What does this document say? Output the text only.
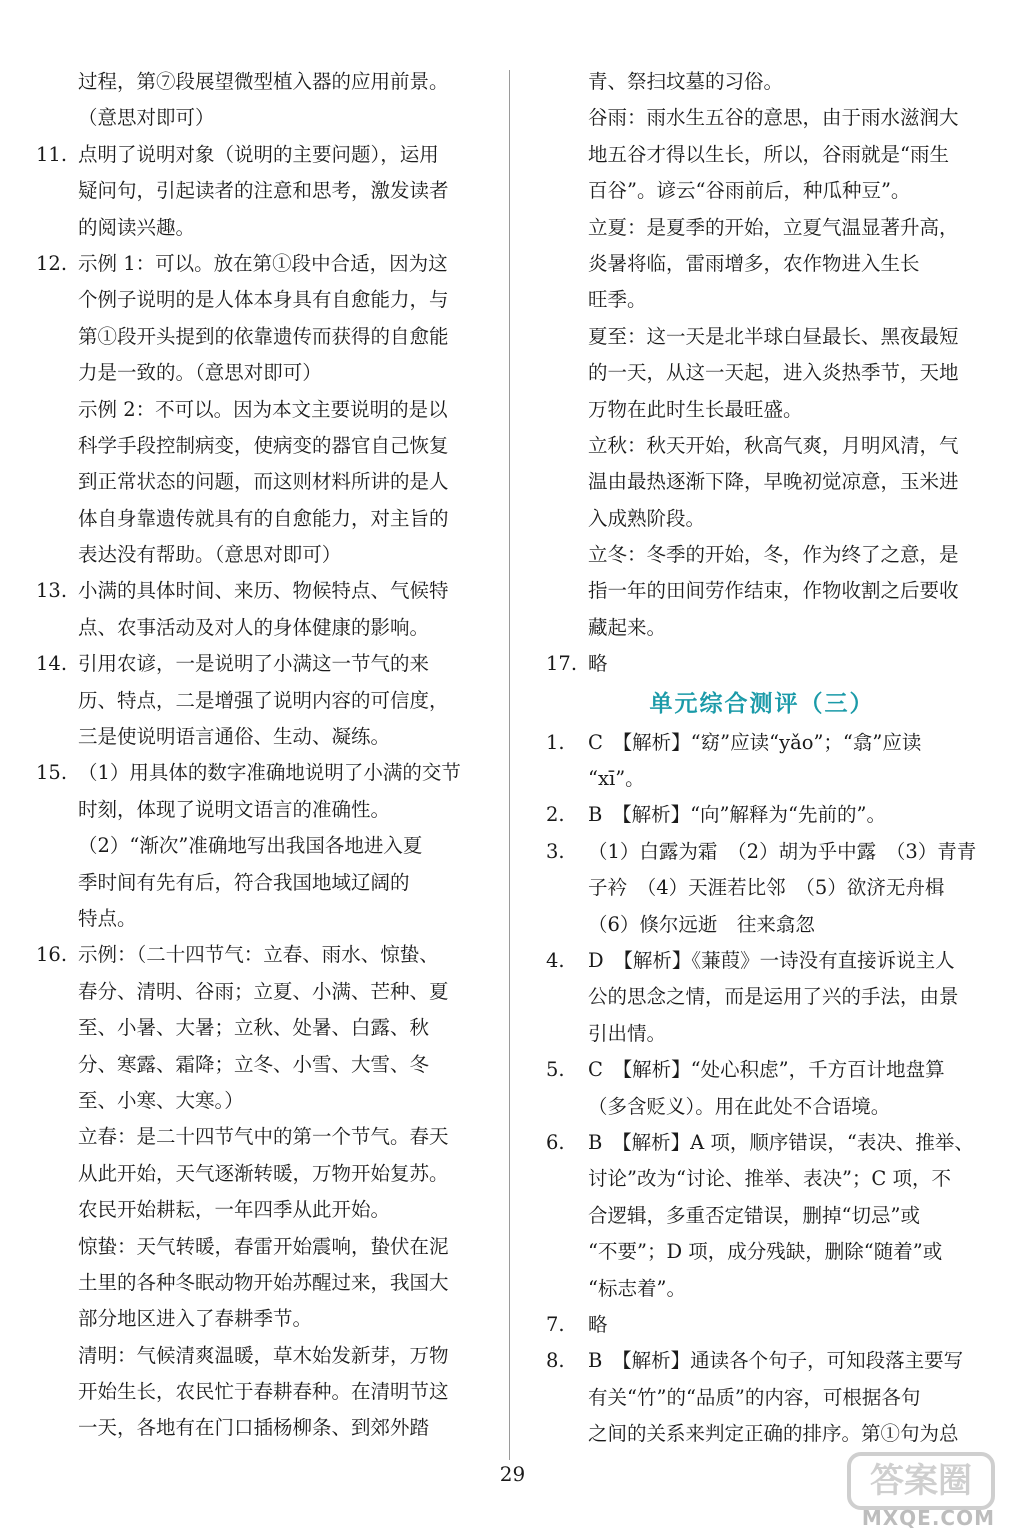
过程，第⑦段展望微型植入器的应用前景。
（意思对即可）
11. 点明了说明对象（说明的主要问题），运用
疑问句，引起读者的注意和思考，激发读者
的阅读兴趣。
12. 示例 1：可以。放在第①段中合适，因为这
个例子说明的是人体本身具有自愈能力，与
第①段开头提到的依靠遗传而获得的自愈能
力是一致的。（意思对即可）
示例 2：不可以。因为本文主要说明的是以
科学手段控制病变，使病变的器官自己恢复
到正常状态的问题，而这则材料所讲的是人
体自身靠遗传就具有的自愈能力，对主旨的
表达没有帮助。（意思对即可）
13. 小满的具体时间、来历、物候特点、气候特
点、农事活动及对人的身体健康的影响。
14. 引用农谚，一是说明了小满这一节气的来
历、特点，二是增强了说明内容的可信度，
三是使说明语言通俗、生动、凝练。
15. （1）用具体的数字准确地说明了小满的交节
时刻，体现了说明文语言的准确性。
（2）“渐次”准确地写出我国各地进入夏
季时间有先有后，符合我国地域辽阔的
特点。
16. 示例：（二十四节气：立春、雨水、惊蛰、
春分、清明、谷雨；立夏、小满、芒种、夏
至、小暑、大暑；立秋、处暑、白露、秋
分、寒露、霜降；立冬、小雪、大雪、冬
至、小寒、大寒。）
立春：是二十四节气中的第一个节气。春天
从此开始，天气逐渐转暖，万物开始复苏。
农民开始耕耘，一年四季从此开始。
惊蛰：天气转暖，春雷开始震响，蛰伏在泥
土里的各种冬眠动物开始苏醒过来，我国大
部分地区进入了春耕季节。
清明：气候清爽温暖，草木始发新芽，万物
开始生长，农民忙于春耕春种。在清明节这
一天，各地有在门口插杨柳条、到郊外踏
青、祭扫坟墓的习俗。
谷雨：雨水生五谷的意思，由于雨水滋润大
地五谷才得以生长，所以，谷雨就是“雨生
百谷”。谚云“谷雨前后，种瓜种豆”。
立夏：是夏季的开始，立夏气温显著升高，
炎暑将临，雷雨增多，农作物进入生长
旺季。
夏至：这一天是北半球白昼最长、黑夜最短
的一天，从这一天起，进入炎热季节，天地
万物在此时生长最旺盛。
立秋：秋天开始，秋高气爽，月明风清，气
温由最热逐渐下降，早晚初觉凉意，玉米进
入成熟阶段。
立冬：冬季的开始，冬，作为终了之意，是
指一年的田间劳作结束，作物收割之后要收
藏起来。
17. 略
单元综合测评（三）
1. C　【解析】“窈”应读“yǎo”；“翕”应读
“xī”。
2. B　【解析】“向”解释为“先前的”。
3. （1）白露为霜　（2）胡为乎中露　（3）青青
子衿　（4）天涯若比邻　（5）欲济无舟楫
（6）倏尔远逝　往来翕忽
4. D　【解析】《蒹葭》一诗没有直接诉说主人
公的思念之情，而是运用了兴的手法，由景
引出情。
5. C　【解析】“处心积虑”，千方百计地盘算
（多含贬义）。用在此处不合语境。
6. B　【解析】A 项，顺序错误，“表决、推举、
讨论”改为“讨论、推举、表决”；C 项，不
合逻辑，多重否定错误，删掉“切忌”或
“不要”；D 项，成分残缺，删除“随着”或
“标志着”。
7. 略
8. B　【解析】通读各个句子，可知段落主要写
有关“竹”的“品质”的内容，可根据各句
之间的关系来判定正确的排序。第①句为总
29	答案圈
MXQE.COM
